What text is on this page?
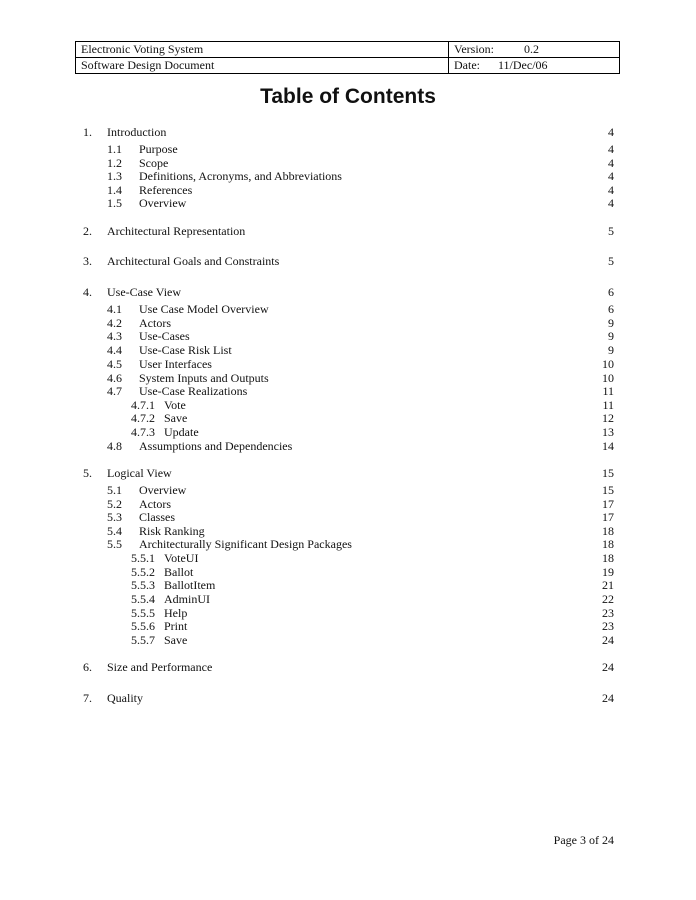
Electronic Voting System	Version: 0.2
Software Design Document	Date: 11/Dec/06
Table of Contents
1. Introduction	4
1.1 Purpose	4
1.2 Scope	4
1.3 Definitions, Acronyms, and Abbreviations	4
1.4 References	4
1.5 Overview	4
2. Architectural Representation	5
3. Architectural Goals and Constraints	5
4. Use-Case View	6
4.1 Use Case Model Overview	6
4.2 Actors	9
4.3 Use-Cases	9
4.4 Use-Case Risk List	9
4.5 User Interfaces	10
4.6 System Inputs and Outputs	10
4.7 Use-Case Realizations	11
4.7.1 Vote	11
4.7.2 Save	12
4.7.3 Update	13
4.8 Assumptions and Dependencies	14
5. Logical View	15
5.1 Overview	15
5.2 Actors	17
5.3 Classes	17
5.4 Risk Ranking	18
5.5 Architecturally Significant Design Packages	18
5.5.1 VoteUI	18
5.5.2 Ballot	19
5.5.3 BallotItem	21
5.5.4 AdminUI	22
5.5.5 Help	23
5.5.6 Print	23
5.5.7 Save	24
6. Size and Performance	24
7. Quality	24
Page 3 of 24
